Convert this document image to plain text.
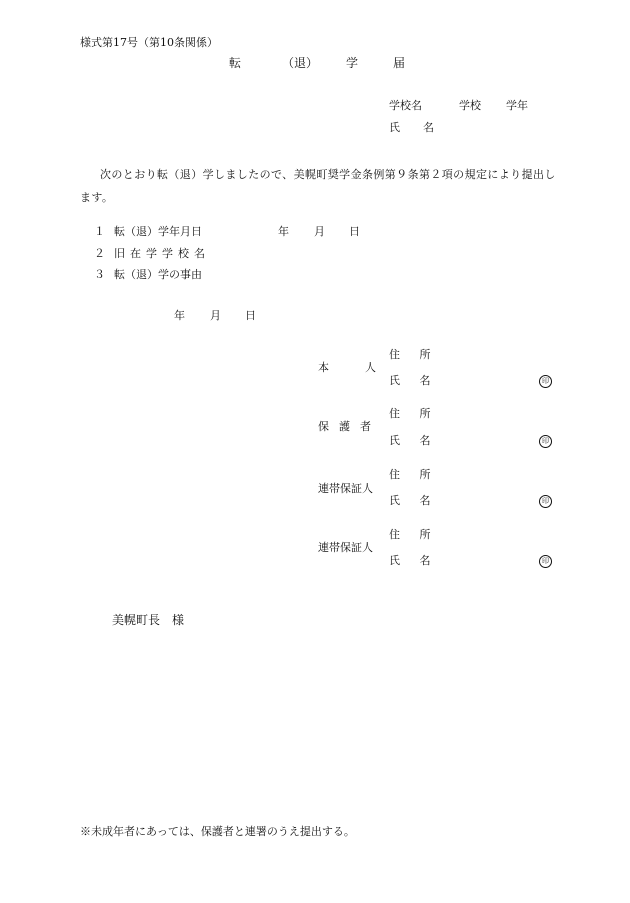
様式第17号（第10条関係）
転	（退） 学	届
学校名	学校 学年
氏　名
次のとおり転（退）学しましたので、美幌町奨学金条例第９条第２項の規定により提出します。
１ 転（退）学年月日
２ 旧在学学校名
３ 転（退）学の事由
年 月 日
年 月 日
本人
住 所
氏 名	印
保護者
住 所
氏 名	印
連帯保証人
住 所
氏 名	印
連帯保証人
住 所
氏 名	印
美幌町長　様
※未成年者にあっては、保護者と連署のうえ提出する。
